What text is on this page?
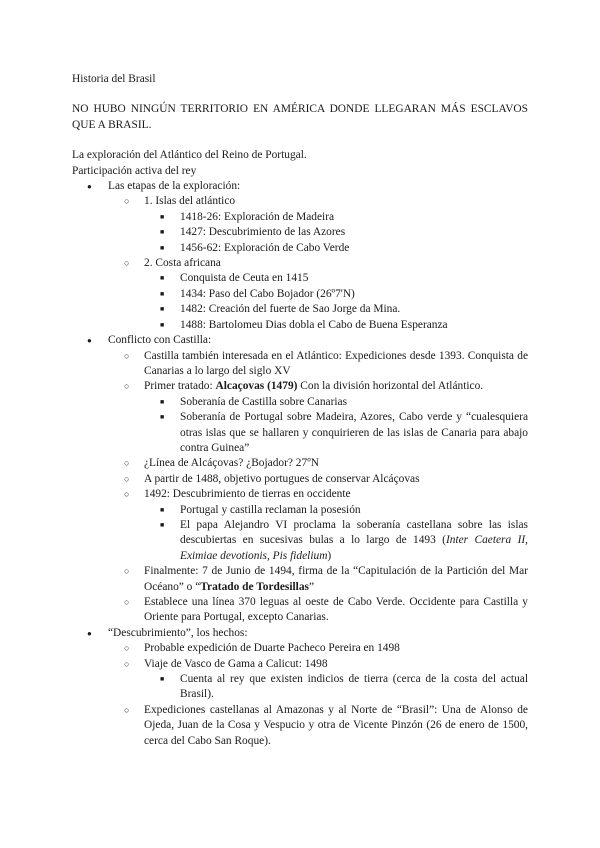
Historia del Brasil

NO HUBO NINGÚN TERRITORIO EN AMÉRICA DONDE LLEGARAN MÁS ESCLAVOS QUE A BRASIL.

La exploración del Atlántico del Reino de Portugal.

Participación activa del rey

● Las etapas de la exploración:
○ 1. Islas del atlántico
■ 1418-26: Exploración de Madeira
■ 1427: Descubrimiento de las Azores
■ 1456-62: Exploración de Cabo Verde
○ 2. Costa africana
■ Conquista de Ceuta en 1415
■ 1434: Paso del Cabo Bojador (26º7'N)
■ 1482: Creación del fuerte de Sao Jorge da Mina.
■ 1488: Bartolomeu Dias dobla el Cabo de Buena Esperanza
● Conflicto con Castilla:
○ Castilla también interesada en el Atlántico: Expediciones desde 1393. Conquista de Canarias a lo largo del siglo XV
○ Primer tratado: Alcaçovas (1479) Con la división horizontal del Atlántico.
■ Soberanía de Castilla sobre Canarias
■ Soberanía de Portugal sobre Madeira, Azores, Cabo verde y “cualesquiera otras islas que se hallaren y conquirieren de las islas de Canaria para abajo contra Guinea”
○ ¿Línea de Alcáçovas? ¿Bojador? 27ºN
○ A partir de 1488, objetivo portugues de conservar Alcáçovas
○ 1492: Descubrimiento de tierras en occidente
■ Portugal y castilla reclaman la posesión
■ El papa Alejandro VI proclama la soberanía castellana sobre las islas descubiertas en sucesivas bulas a lo largo de 1493 (Inter Caetera II, Eximiae devotionis, Pis fidelium)
○ Finalmente: 7 de Junio de 1494, firma de la “Capitulación de la Partición del Mar Océano” o “Tratado de Tordesillas”
○ Establece una línea 370 leguas al oeste de Cabo Verde. Occidente para Castilla y Oriente para Portugal, excepto Canarias.
● “Descubrimiento”, los hechos:
○ Probable expedición de Duarte Pacheco Pereira en 1498
○ Viaje de Vasco de Gama a Calicut: 1498
■ Cuenta al rey que existen indicios de tierra (cerca de la costa del actual Brasil).
○ Expediciones castellanas al Amazonas y al Norte de “Brasil”: Una de Alonso de Ojeda, Juan de la Cosa y Vespucio y otra de Vicente Pinzón (26 de enero de 1500, cerca del Cabo San Roque).
